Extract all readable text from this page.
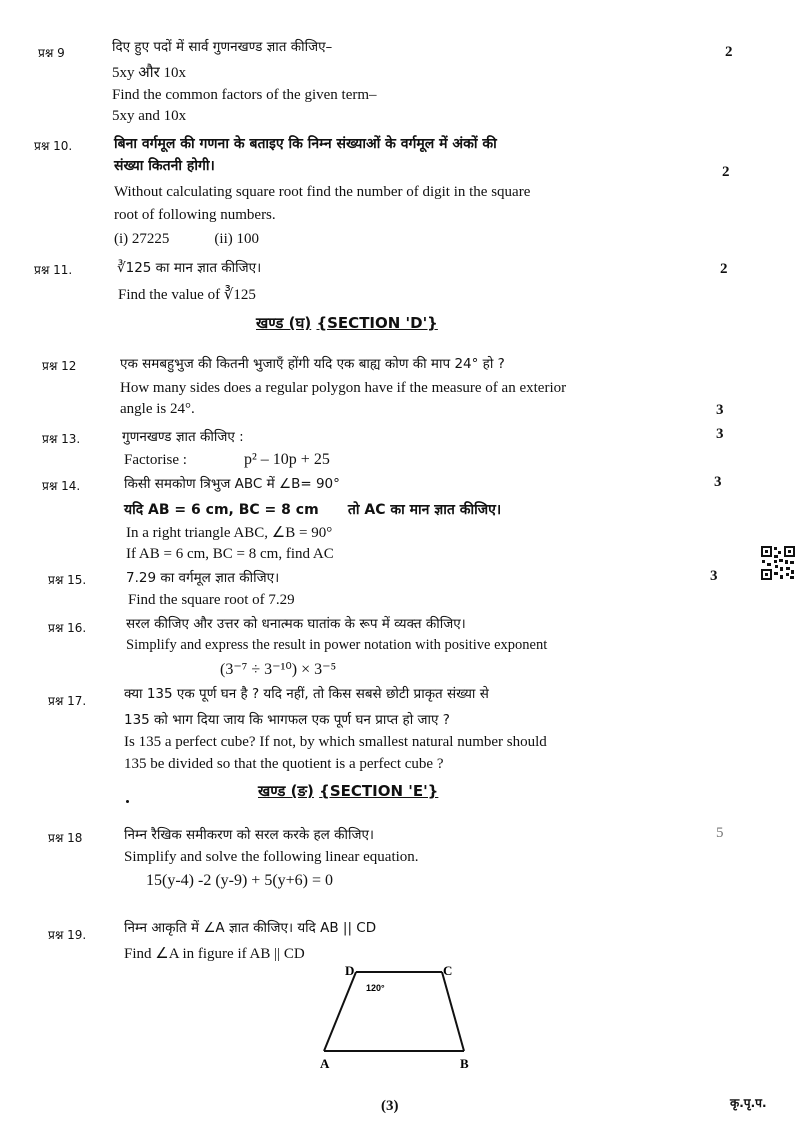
प्रश्न 9	दिए हुए पदों में सार्व गुणनखण्ड ज्ञात कीजिए–
5xy और 10x
Find the common factors of the given term–
5xy and 10x
2
प्रश्न 10.	बिना वर्गमूल की गणना के बताइए कि निम्न संख्याओं के वर्गमूल में अंकों की
संख्या कितनी होगी।
Without calculating square root find the number of digit in the square
root of following numbers.
(i) 27225            (ii) 100
2
प्रश्न 11.	∛125 का मान ज्ञात कीजिए।
Find the value of ∛125
2
खण्ड (घ) {SECTION 'D'}
प्रश्न 12	एक समबहुभुज की कितनी भुजाएँ होंगी यदि एक बाह्य कोण की माप 24° हो ?
How many sides does a regular polygon have if the measure of an exterior
angle is 24°.	3
प्रश्न 13.	गुणनखण्ड ज्ञात कीजिए :
Factorise :	p² – 10p + 25
3
प्रश्न 14.	किसी समकोण त्रिभुज ABC में ∠B= 90°
यदि AB = 6 cm, BC = 8 cm      तो AC का मान ज्ञात कीजिए।
In a right triangle ABC, ∠B = 90°
If AB = 6 cm, BC = 8 cm, find AC
3
प्रश्न 15.	7.29 का वर्गमूल ज्ञात कीजिए।
Find the square root of 7.29
3
प्रश्न 16.	सरल कीजिए और उत्तर को धनात्मक घातांक के रूप में व्यक्त कीजिए।
Simplify and express the result in power notation with positive exponent
(3⁻⁷ ÷ 3⁻¹⁰) × 3⁻⁵
प्रश्न 17.	क्या 135 एक पूर्ण घन है ? यदि नहीं, तो किस सबसे छोटी प्राकृत संख्या से
135 को भाग दिया जाय कि भागफल एक पूर्ण घन प्राप्त हो जाए ?
Is 135 a perfect cube? If not, by which smallest natural number should
135 be divided so that the quotient is a perfect cube ?
खण्ड (ङ) {SECTION 'E'}
प्रश्न 18	निम्न रैखिक समीकरण को सरल करके हल कीजिए।
Simplify and solve the following linear equation.
15(y-4) -2 (y-9) + 5(y+6) = 0
5
प्रश्न 19.	निम्न आकृति में ∠A ज्ञात कीजिए। यदि AB || CD
Find ∠A in figure if AB || CD
D	C
A	B
120°
(3)	कृ.पृ.प.
